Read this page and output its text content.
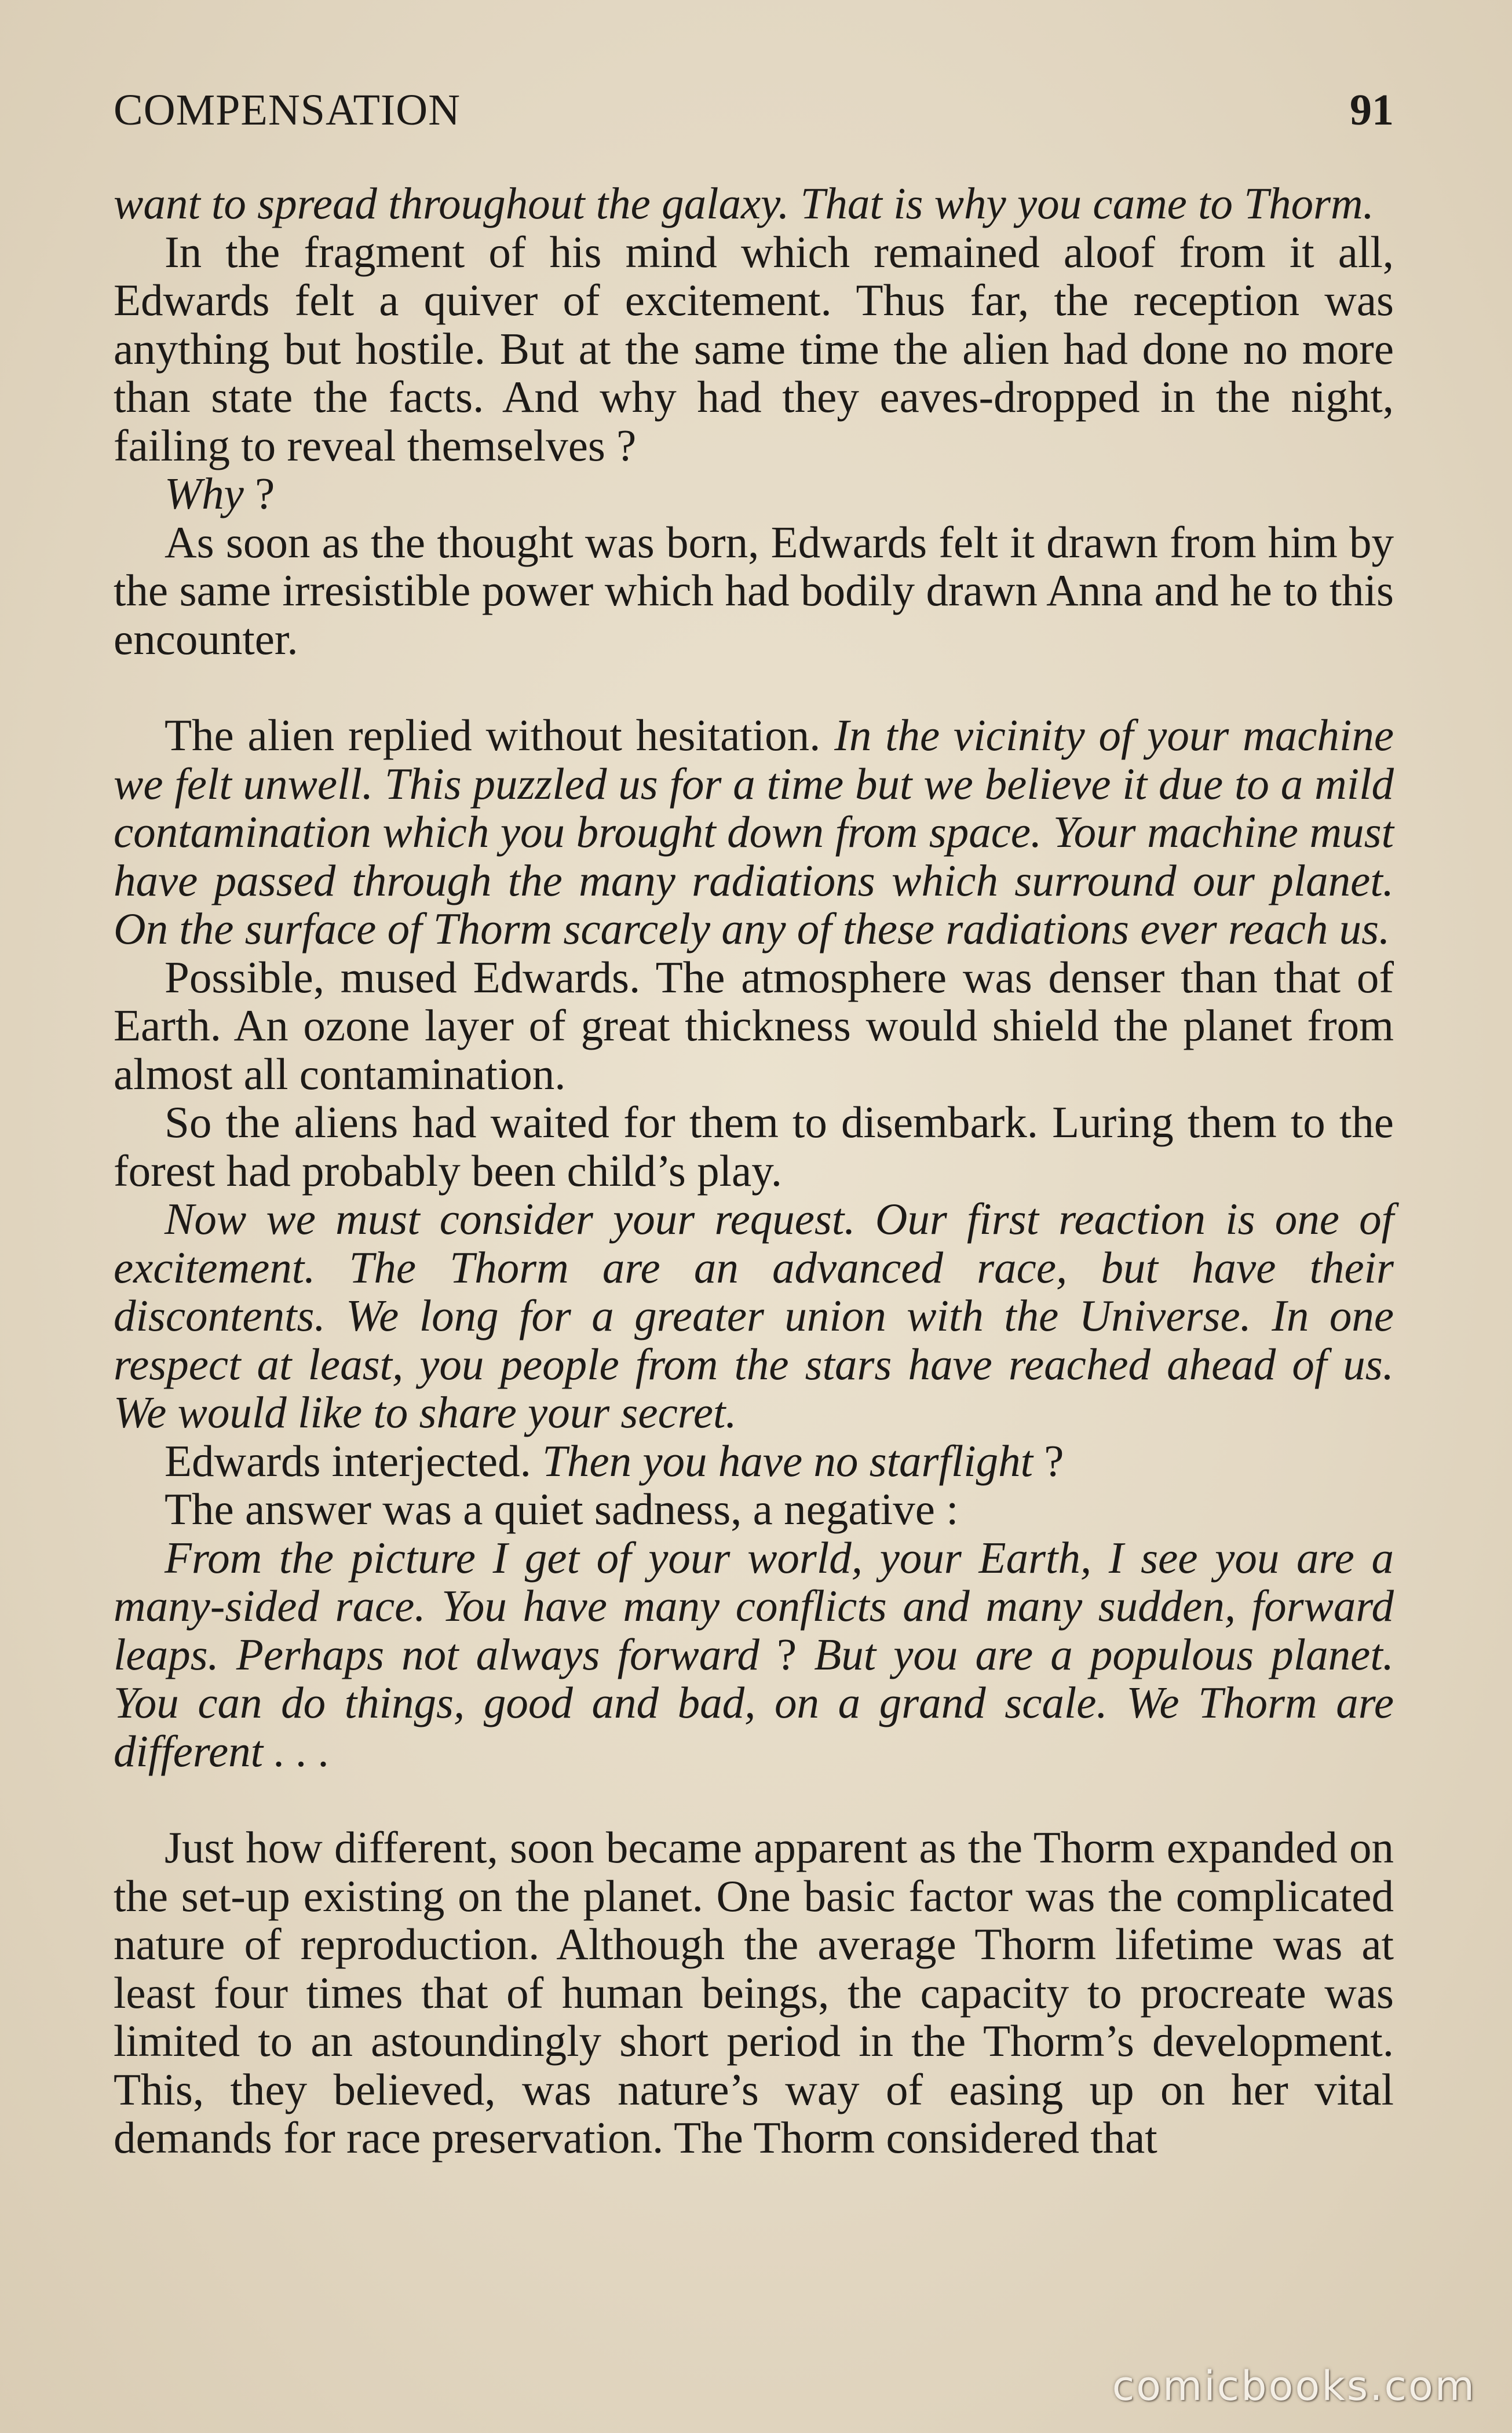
COMPENSATION	91

want to spread throughout the galaxy. That is why you came to Thorm.

In the fragment of his mind which remained aloof from it all, Edwards felt a quiver of excitement. Thus far, the reception was anything but hostile. But at the same time the alien had done no more than state the facts. And why had they eaves-dropped in the night, failing to reveal themselves ?

Why ?

As soon as the thought was born, Edwards felt it drawn from him by the same irresistible power which had bodily drawn Anna and he to this encounter.

The alien replied without hesitation. In the vicinity of your machine we felt unwell. This puzzled us for a time but we believe it due to a mild contamination which you brought down from space. Your machine must have passed through the many radiations which surround our planet. On the surface of Thorm scarcely any of these radiations ever reach us.

Possible, mused Edwards. The atmosphere was denser than that of Earth. An ozone layer of great thickness would shield the planet from almost all contamination.

So the aliens had waited for them to disembark. Luring them to the forest had probably been child’s play.

Now we must consider your request. Our first reaction is one of excitement. The Thorm are an advanced race, but have their discontents. We long for a greater union with the Universe. In one respect at least, you people from the stars have reached ahead of us. We would like to share your secret.

Edwards interjected. Then you have no starflight ?

The answer was a quiet sadness, a negative :

From the picture I get of your world, your Earth, I see you are a many-sided race. You have many conflicts and many sudden, forward leaps. Perhaps not always forward ? But you are a populous planet. You can do things, good and bad, on a grand scale. We Thorm are different . . .

Just how different, soon became apparent as the Thorm expanded on the set-up existing on the planet. One basic factor was the complicated nature of reproduction. Although the average Thorm lifetime was at least four times that of human beings, the capacity to procreate was limited to an astoundingly short period in the Thorm’s development. This, they believed, was nature’s way of easing up on her vital demands for race preservation. The Thorm considered that

comicbooks.com
